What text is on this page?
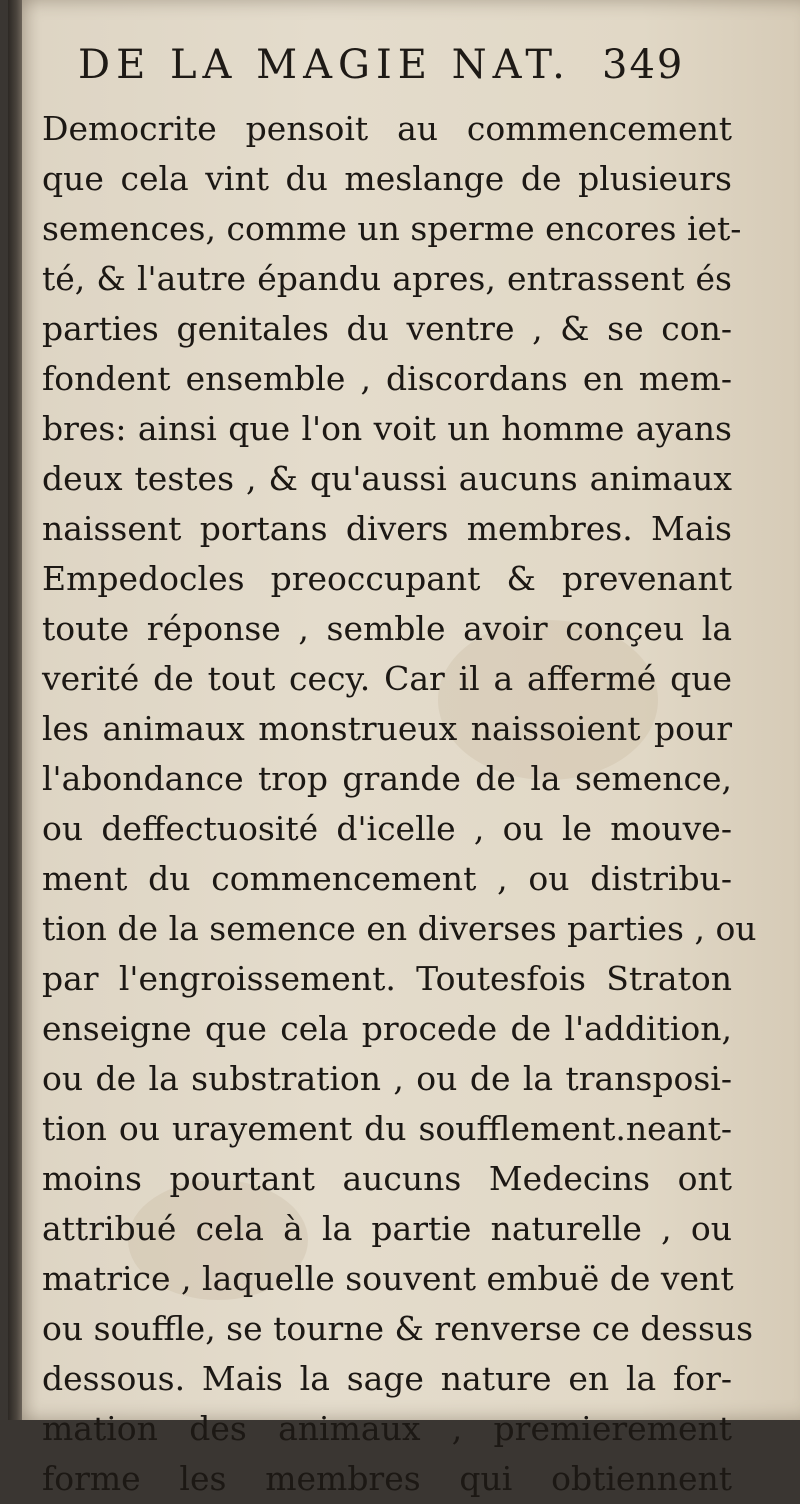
DE LA MAGIE NAT. 349
Democrite pensoit au commencement
que cela vint du meslange de plusieurs
semences, comme un sperme encores iet-
té, & l'autre épandu apres, entrassent és
parties genitales du ventre , & se con-
fondent ensemble , discordans en mem-
bres: ainsi que l'on voit un homme ayans
deux testes , & qu'aussi aucuns animaux
naissent portans divers membres. Mais
Empedocles preoccupant & prevenant
toute réponse , semble avoir conçeu la
verité de tout cecy. Car il a affermé que
les animaux monstrueux naissoient pour
l'abondance trop grande de la semence,
ou deffectuosité d'icelle , ou le mouve-
ment du commencement , ou distribu-
tion de la semence en diverses parties , ou
par l'engroissement. Toutesfois Straton
enseigne que cela procede de l'addition,
ou de la substration , ou de la transposi-
tion ou urayement du soufflement.neant-
moins pourtant aucuns Medecins ont
attribué cela à la partie naturelle , ou
matrice , laquelle souvent embuë de vent
ou souffle, se tourne & renverse ce dessus
dessous. Mais la sage nature en la for-
mation des animaux , premierement
forme les membres qui obtiennent
